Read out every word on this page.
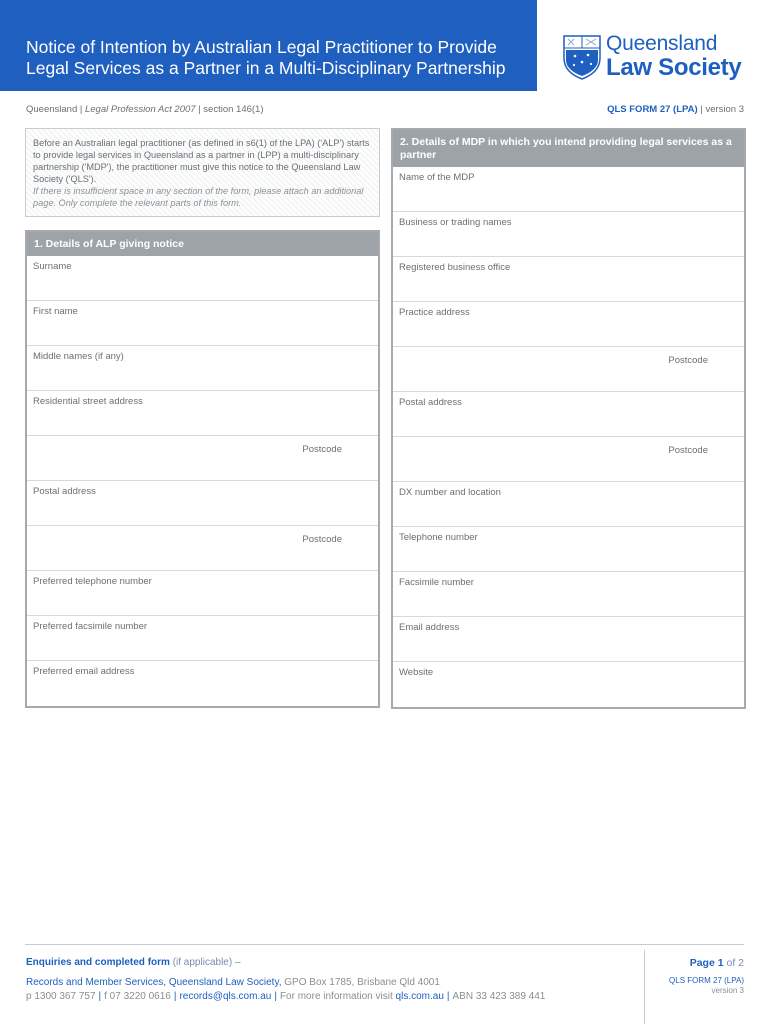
Notice of Intention by Australian Legal Practitioner to Provide
Legal Services as a Partner in a Multi-Disciplinary Partnership
Queensland
Law Society
Queensland | Legal Profession Act 2007 | section 146(1)	QLS FORM 27 (LPA) | version 3
Before an Australian legal practitioner (as defined in s6(1) of the LPA) ('ALP') starts to provide legal services in Queensland as a partner in (LPP) a multi-disciplinary partnership ('MDP'), the practitioner must give this notice to the Queensland Law Society ('QLS').
If there is insufficient space in any section of the form, please attach an additional page. Only complete the relevant parts of this form.
1. Details of ALP giving notice
Surname
First name
Middle names (if any)
Residential street address
Postcode
Postal address
Postcode
Preferred telephone number
Preferred facsimile number
Preferred email address
2. Details of MDP in which you intend providing legal services as a partner
Name of the MDP
Business or trading names
Registered business office
Practice address
Postcode
Postal address
Postcode
DX number and location
Telephone number
Facsimile number
Email address
Website
Enquiries and completed form (if applicable) –
Records and Member Services, Queensland Law Society, GPO Box 1785, Brisbane Qld 4001
p 1300 367 757 | f 07 3220 0616 | records@qls.com.au | For more information visit qls.com.au | ABN 33 423 389 441
Page 1 of 2
QLS FORM 27 (LPA)
version 3
